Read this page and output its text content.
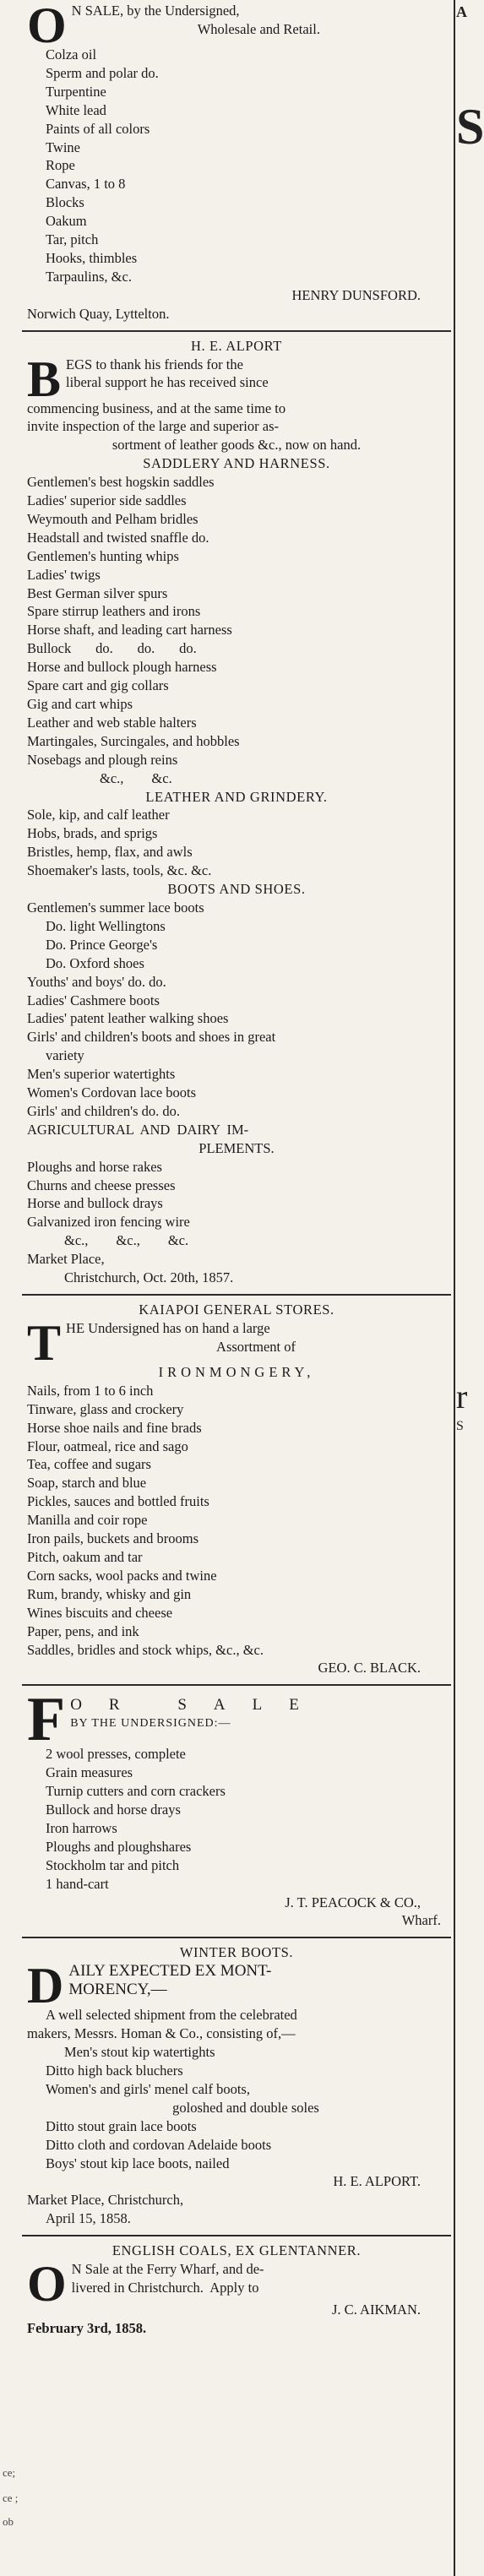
ce;
ce ;
ob
A
S
r
S
O N SALE, by the Undersigned,
Wholesale and Retail.
Colza oil
Sperm and polar do.
Turpentine
White lead
Paints of all colors
Twine
Rope
Canvas, 1 to 8
Blocks
Oakum
Tar, pitch
Hooks, thimbles
Tarpaulins, &c.
HENRY DUNSFORD.
Norwich Quay, Lyttelton.
H. E. ALPORT
B EGS to thank his friends for the
liberal support he has received since
commencing business, and at the same time to
invite inspection of the large and superior as-
sortment of leather goods &c., now on hand.
SADDLERY AND HARNESS.
Gentlemen's best hogskin saddles
Ladies' superior side saddles
Weymouth and Pelham bridles
Headstall and twisted snaffle do.
Gentlemen's hunting whips
Ladies' twigs
Best German silver spurs
Spare stirrup leathers and irons
Horse shaft, and leading cart harness
Bullock       do.       do.       do.
Horse and bullock plough harness
Spare cart and gig collars
Gig and cart whips
Leather and web stable halters
Martingales, Surcingales, and hobbles
Nosebags and plough reins
&c.,        &c.
LEATHER AND GRINDERY.
Sole, kip, and calf leather
Hobs, brads, and sprigs
Bristles, hemp, flax, and awls
Shoemaker's lasts, tools, &c. &c.
BOOTS AND SHOES.
Gentlemen's summer lace boots
Do. light Wellingtons
Do. Prince George's
Do. Oxford shoes
Youths' and boys' do. do.
Ladies' Cashmere boots
Ladies' patent leather walking shoes
Girls' and children's boots and shoes in great
variety
Men's superior watertights
Women's Cordovan lace boots
Girls' and children's do. do.
AGRICULTURAL  AND  DAIRY  IM-
PLEMENTS.
Ploughs and horse rakes
Churns and cheese presses
Horse and bullock drays
Galvanized iron fencing wire
&c.,        &c.,        &c.
Market Place,
Christchurch, Oct. 20th, 1857.
KAIAPOI GENERAL STORES.
T HE Undersigned has on hand a large
Assortment of
IRONMONGERY,
Nails, from 1 to 6 inch
Tinware, glass and crockery
Horse shoe nails and fine brads
Flour, oatmeal, rice and sago
Tea, coffee and sugars
Soap, starch and blue
Pickles, sauces and bottled fruits
Manilla and coir rope
Iron pails, buckets and brooms
Pitch, oakum and tar
Corn sacks, wool packs and twine
Rum, brandy, whisky and gin
Wines biscuits and cheese
Paper, pens, and ink
Saddles, bridles and stock whips, &c., &c.
GEO. C. BLACK.
F OR SALE
BY THE UNDERSIGNED:—
2 wool presses, complete
Grain measures
Turnip cutters and corn crackers
Bullock and horse drays
Iron harrows
Ploughs and ploughshares
Stockholm tar and pitch
1 hand-cart
J. T. PEACOCK & CO.,
Wharf.
WINTER BOOTS.
D AILY EXPECTED EX MONT-
MORENCY,—
A well selected shipment from the celebrated
makers, Messrs. Homan & Co., consisting of,—
Men's stout kip watertights
Ditto high back bluchers
Women's and girls' menel calf boots,
goloshed and double soles
Ditto stout grain lace boots
Ditto cloth and cordovan Adelaide boots
Boys' stout kip lace boots, nailed
H. E. ALPORT.
Market Place, Christchurch,
April 15, 1858.
ENGLISH COALS, EX GLENTANNER.
O N Sale at the Ferry Wharf, and de-
livered in Christchurch.  Apply to
J. C. AIKMAN.
February 3rd, 1858.
